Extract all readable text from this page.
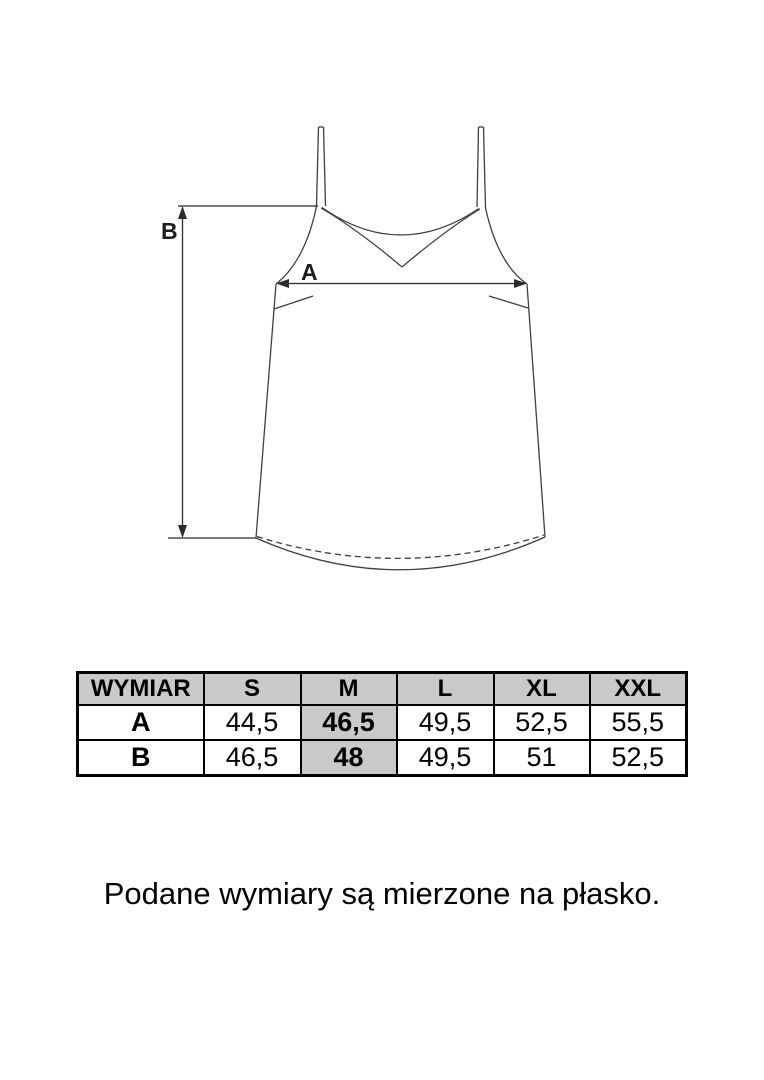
A
B
WYMIAR	S	M	L	XL	XXL
A	44,5	46,5	49,5	52,5	55,5
B	46,5	48	49,5	51	52,5

Podane wymiary są mierzone na płasko.
